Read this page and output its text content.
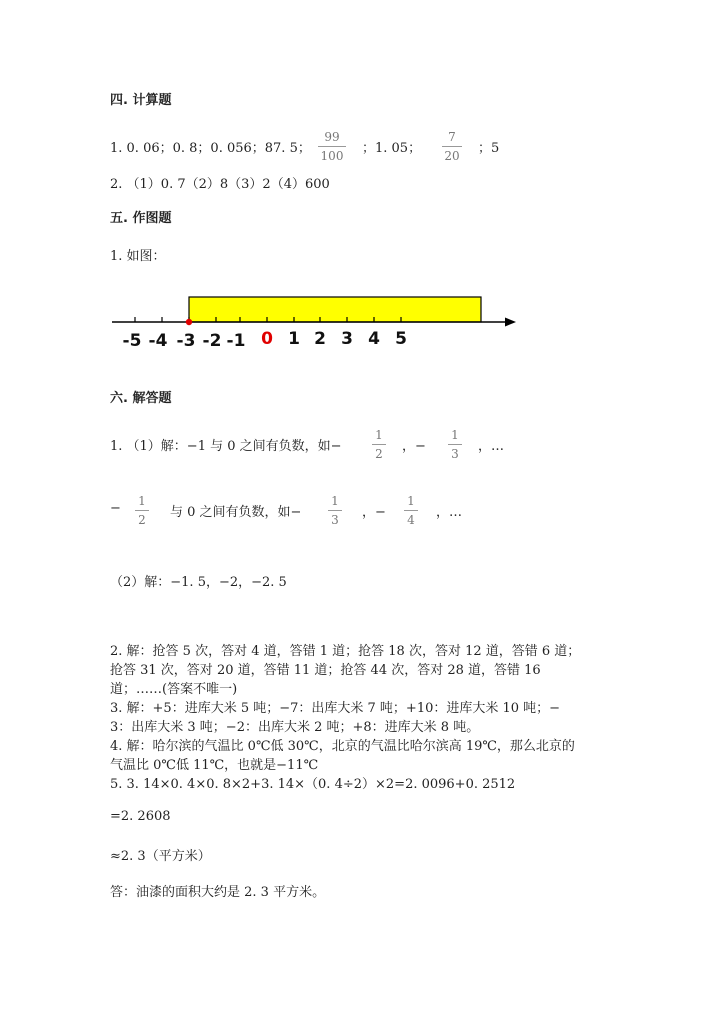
四. 计算题
1. 0. 06；0. 8；0. 056；87. 5；
99
100 ；1. 05；
7
20 ；5
2. （1）0. 7（2）8（3）2（4）600
五. 作图题
1. 如图：
-5 -4 -3 -2 -1 0 1 2 3 4 5
六. 解答题
1. （1）解：−1 与 0 之间有负数，如−
1
2 ，−
1
3 ，…
− 1
2 与 0 之间有负数，如−
1
3 ，−
1
4 ，…
（2）解：−1. 5，−2，−2. 5
2. 解：抢答 5 次，答对 4 道，答错 1 道；抢答 18 次，答对 12 道，答错 6 道；
抢答 31 次，答对 20 道，答错 11 道；抢答 44 次，答对 28 道，答错 16
道；……(答案不唯一)
3. 解：+5：进库大米 5 吨；−7：出库大米 7 吨；+10：进库大米 10 吨；−
3：出库大米 3 吨；−2：出库大米 2 吨；+8：进库大米 8 吨。
4. 解：哈尔滨的气温比 0℃低 30℃，北京的气温比哈尔滨高 19℃，那么北京的
气温比 0℃低 11℃，也就是−11℃
5. 3. 14×0. 4×0. 8×2+3. 14×（0. 4÷2）×2=2. 0096+0. 2512
=2. 2608
≈2. 3（平方米）
答：油漆的面积大约是 2. 3 平方米。
